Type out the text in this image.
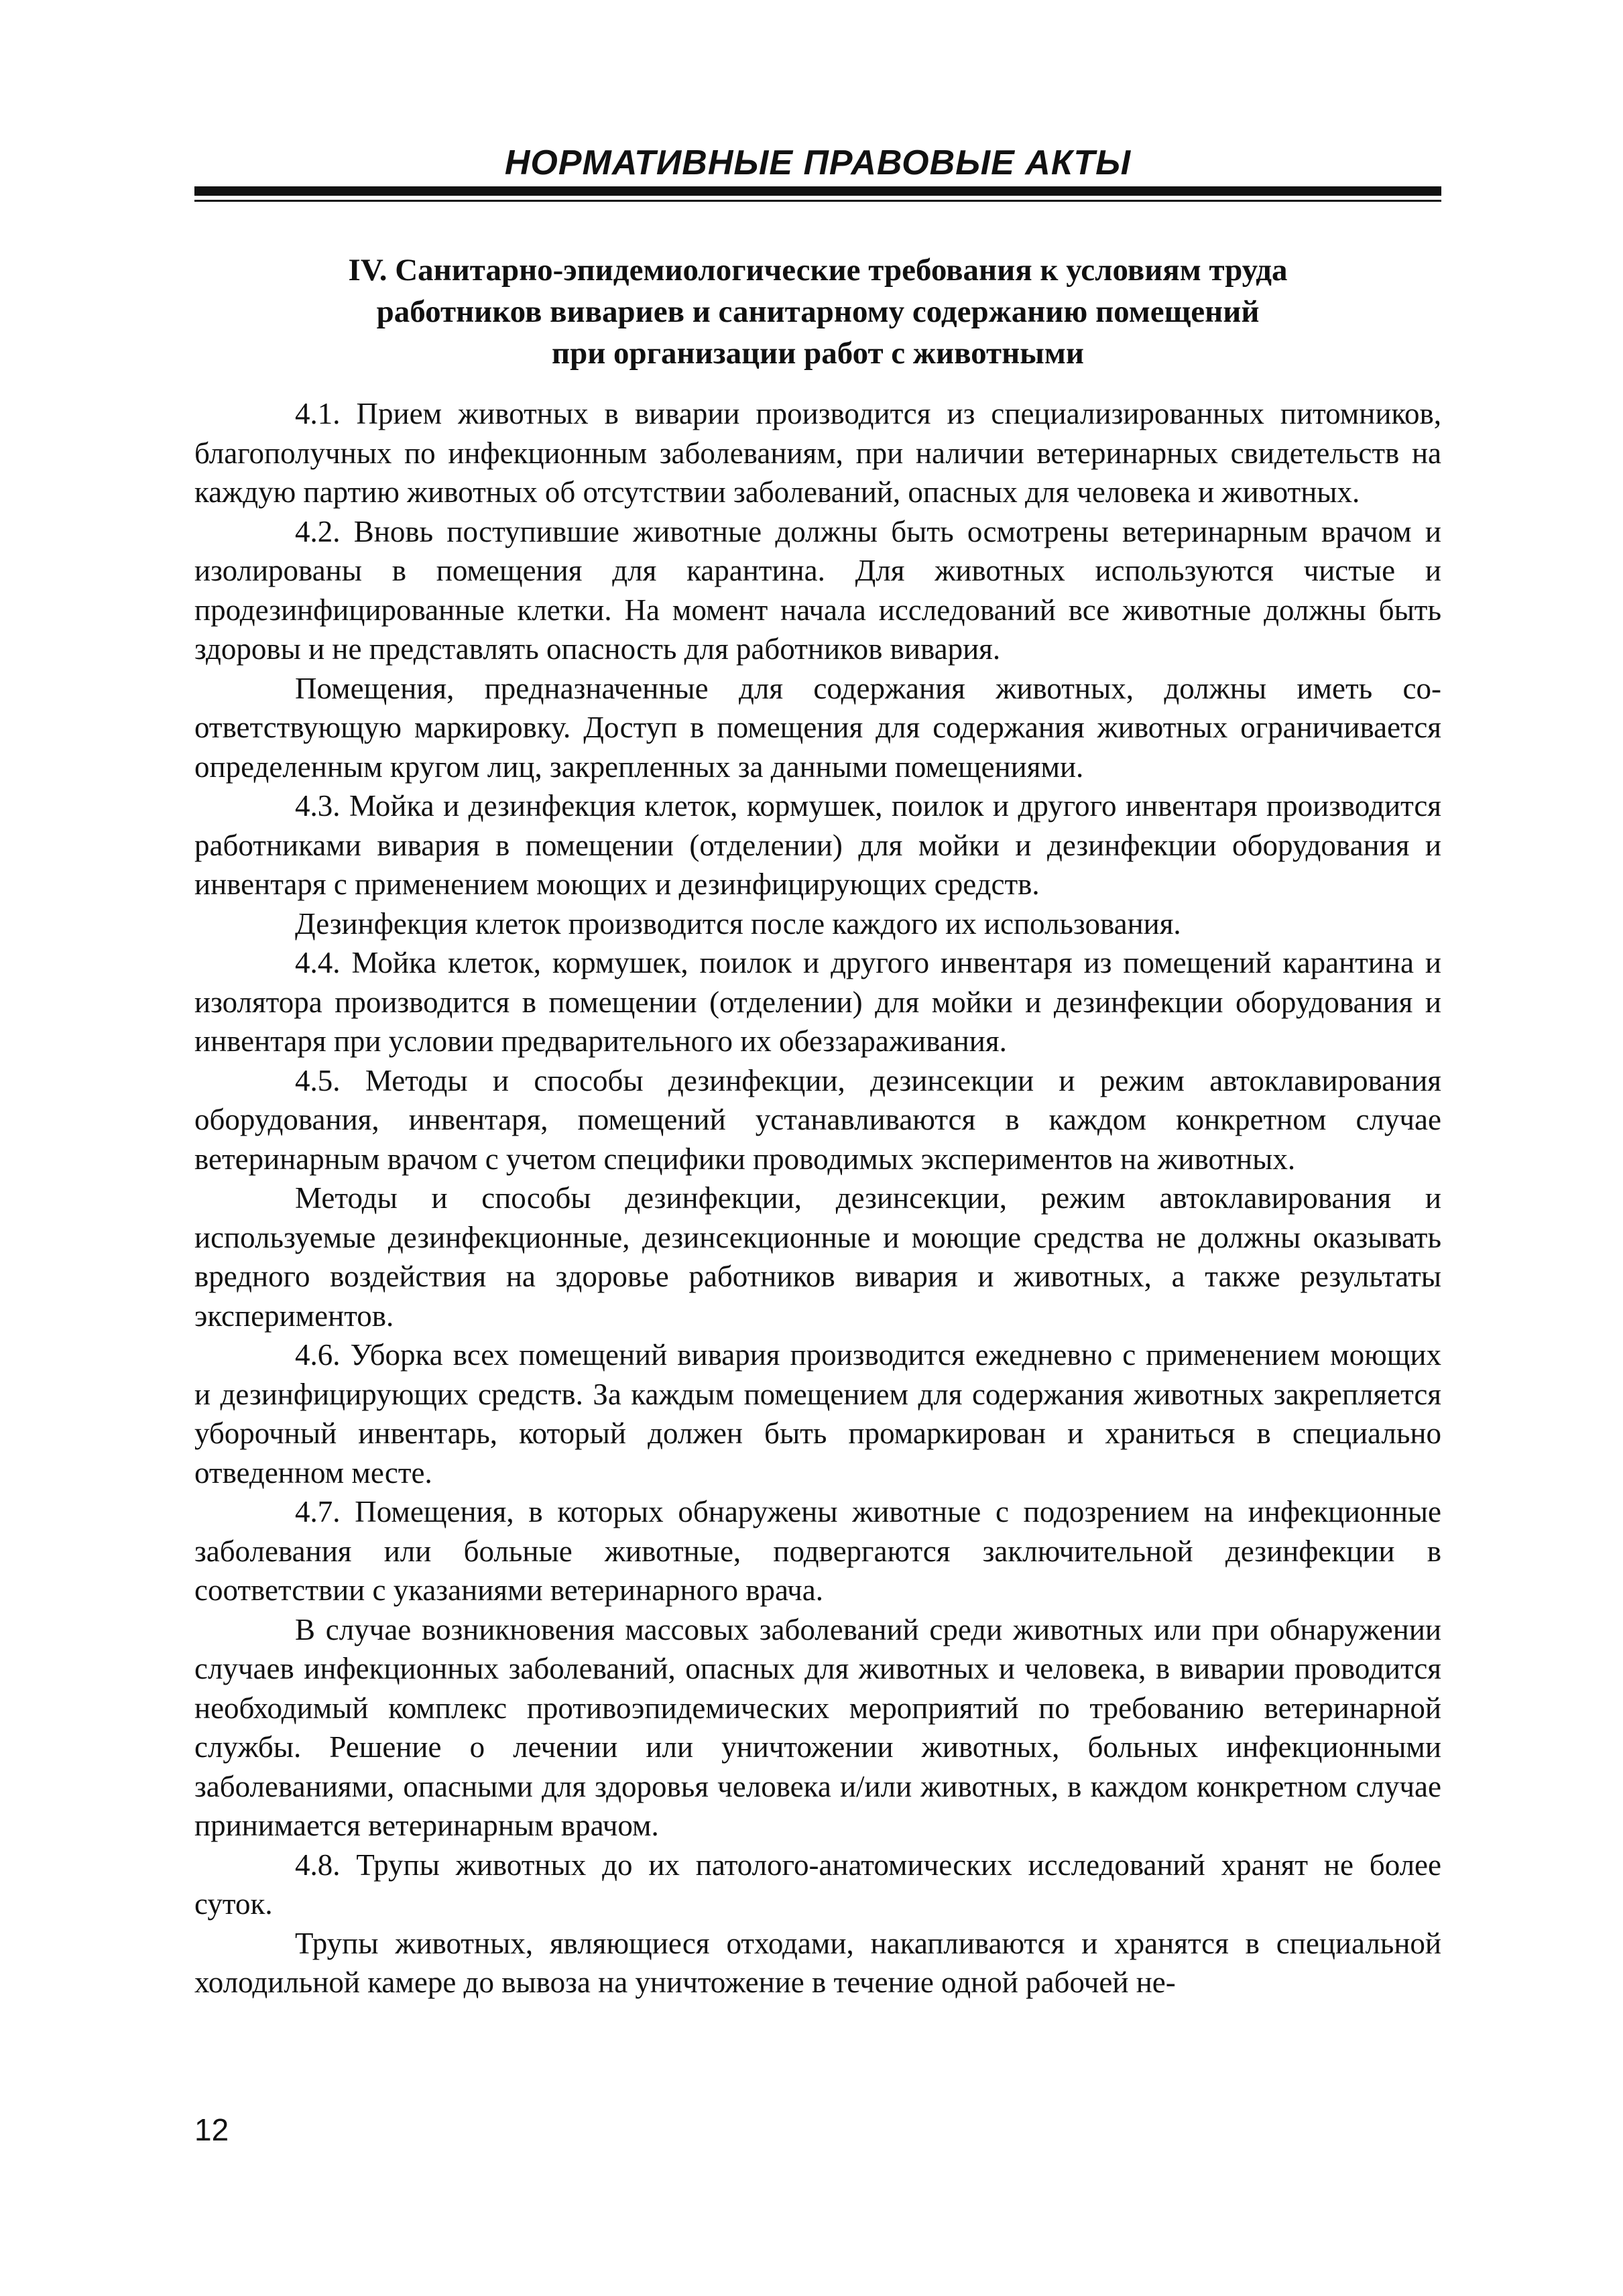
НОРМАТИВНЫЕ ПРАВОВЫЕ АКТЫ
IV. Санитарно-эпидемиологические требования к условиям труда
работников вивариев и санитарному содержанию помещений
при организации работ с животными

4.1. Прием животных в виварии производится из специализированных питомников, благополучных по инфекционным заболеваниям, при наличии ветеринарных свидетельств на каждую партию животных об отсутствии заболеваний, опасных для человека и животных.

4.2. Вновь поступившие животные должны быть осмотрены ветеринарным врачом и изолированы в помещения для карантина. Для животных используются чистые и продезинфицированные клетки. На момент начала исследований все животные должны быть здоровы и не представлять опасность для работников вивария.

Помещения, предназначенные для содержания животных, должны иметь соответствующую маркировку. Доступ в помещения для содержания животных ограничивается определенным кругом лиц, закрепленных за данными помещениями.

4.3. Мойка и дезинфекция клеток, кормушек, поилок и другого инвентаря производится работниками вивария в помещении (отделении) для мойки и дезинфекции оборудования и инвентаря с применением моющих и дезинфицирующих средств.

Дезинфекция клеток производится после каждого их использования.

4.4. Мойка клеток, кормушек, поилок и другого инвентаря из помещений карантина и изолятора производится в помещении (отделении) для мойки и дезинфекции оборудования и инвентаря при условии предварительного их обеззараживания.

4.5. Методы и способы дезинфекции, дезинсекции и режим автоклавирования оборудования, инвентаря, помещений устанавливаются в каждом конкретном случае ветеринарным врачом с учетом специфики проводимых экспериментов на животных.

Методы и способы дезинфекции, дезинсекции, режим автоклавирования и используемые дезинфекционные, дезинсекционные и моющие средства не должны оказывать вредного воздействия на здоровье работников вивария и животных, а также результаты экспериментов.

4.6. Уборка всех помещений вивария производится ежедневно с применением моющих и дезинфицирующих средств. За каждым помещением для содержания животных закрепляется уборочный инвентарь, который должен быть промаркирован и храниться в специально отведенном месте.

4.7. Помещения, в которых обнаружены животные с подозрением на инфекционные заболевания или больные животные, подвергаются заключительной дезинфекции в соответствии с указаниями ветеринарного врача.

В случае возникновения массовых заболеваний среди животных или при обнаружении случаев инфекционных заболеваний, опасных для животных и человека, в виварии проводится необходимый комплекс противоэпидемических мероприятий по требованию ветеринарной службы. Решение о лечении или уничтожении животных, больных инфекционными заболеваниями, опасными для здоровья человека и/или животных, в каждом конкретном случае принимается ветеринарным врачом.

4.8. Трупы животных до их патолого-анатомических исследований хранят не более суток.

Трупы животных, являющиеся отходами, накапливаются и хранятся в специальной холодильной камере до вывоза на уничтожение в течение одной рабочей не-

12
